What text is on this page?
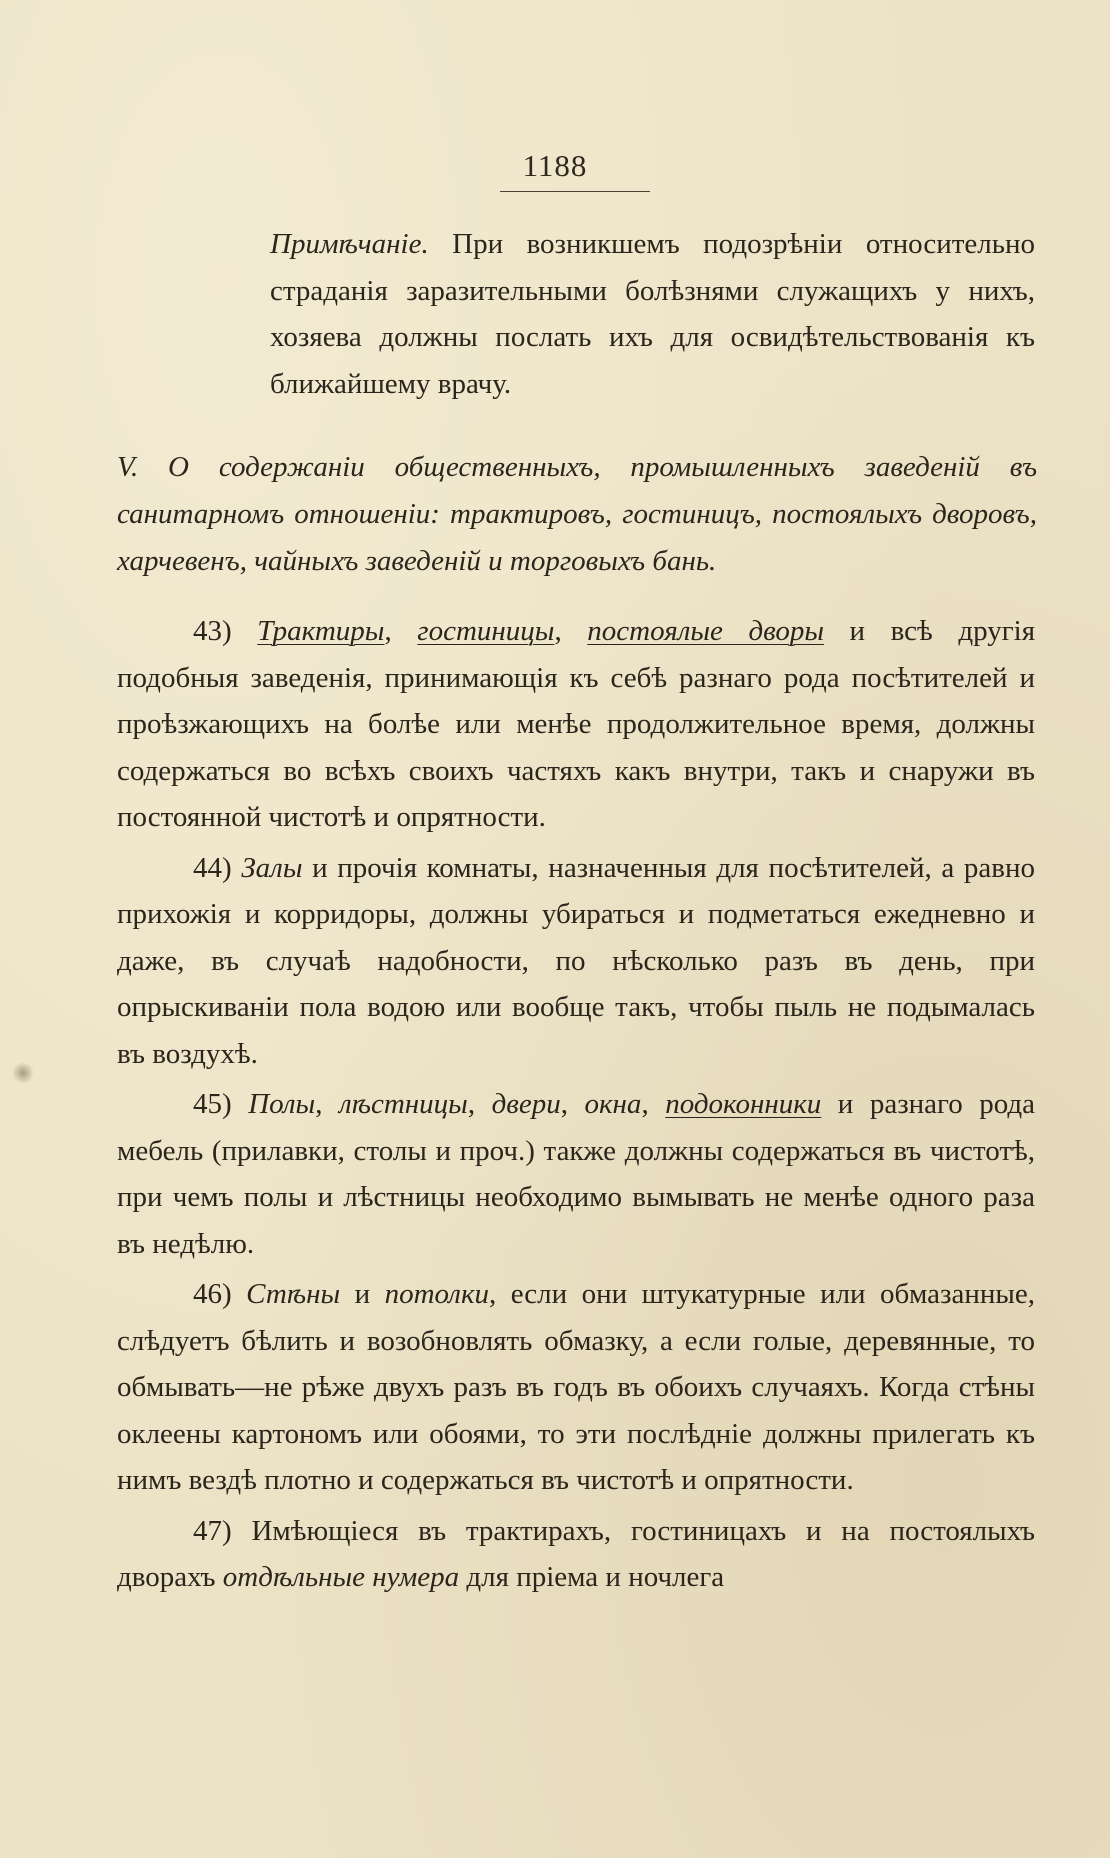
1188

Примѣчаніе. При возникшемъ подозрѣніи относительно страданія заразительными болѣзнями служащихъ у нихъ, хозяева должны послать ихъ для освидѣтельствованія къ ближайшему врачу.

V. О содержаніи общественныхъ, промышленныхъ заведеній въ санитарномъ отношеніи: трактировъ, гостиницъ, постоялыхъ дворовъ, харчевенъ, чайныхъ заведеній и торговыхъ бань.

43) Трактиры, гостиницы, постоялые дворы и всѣ другія подобныя заведенія, принимающія къ себѣ разнаго рода посѣтителей и проѣзжающихъ на болѣе или менѣе продолжительное время, должны содержаться во всѣхъ своихъ частяхъ какъ внутри, такъ и снаружи въ постоянной чистотѣ и опрятности.

44) Залы и прочія комнаты, назначенныя для посѣтителей, а равно прихожія и корридоры, должны убираться и подметаться ежедневно и даже, въ случаѣ надобности, по нѣсколько разъ въ день, при опрыскиваніи пола водою или вообще такъ, чтобы пыль не подымалась въ воздухѣ.

45) Полы, лѣстницы, двери, окна, подоконники и разнаго рода мебель (прилавки, столы и проч.) также должны содержаться въ чистотѣ, при чемъ полы и лѣстницы необходимо вымывать не менѣе одного раза въ недѣлю.

46) Стѣны и потолки, если они штукатурные или обмазанные, слѣдуетъ бѣлить и возобновлять обмазку, а если голые, деревянные, то обмывать—не рѣже двухъ разъ въ годъ въ обоихъ случаяхъ. Когда стѣны оклеены картономъ или обоями, то эти послѣдніе должны прилегать къ нимъ вездѣ плотно и содержаться въ чистотѣ и опрятности.

47) Имѣющіеся въ трактирахъ, гостиницахъ и на постоялыхъ дворахъ отдѣльные нумера для пріема и ночлега
